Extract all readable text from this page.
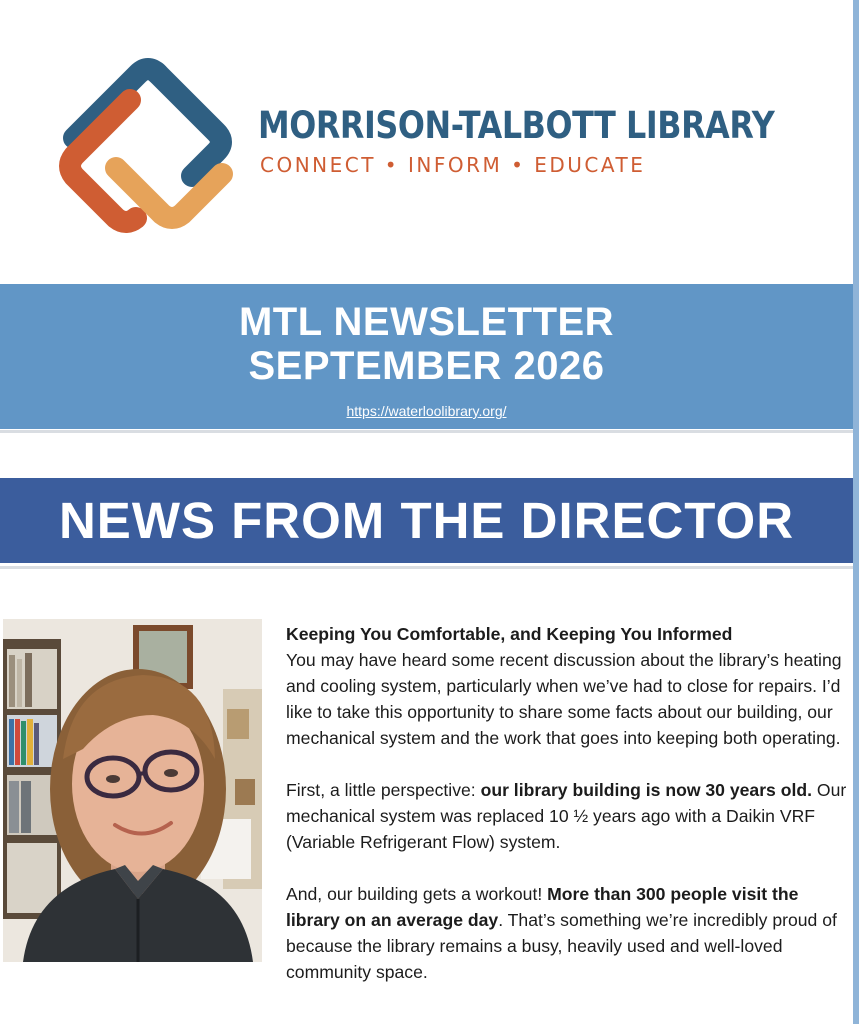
MORRISON-TALBOTT LIBRARY
CONNECT • INFORM • EDUCATE
MTL NEWSLETTER
SEPTEMBER 2026
https://waterloolibrary.org/
NEWS FROM THE DIRECTOR

Keeping You Comfortable, and Keeping You Informed

You may have heard some recent discussion about the library’s heating and cooling system, particularly when we’ve had to close for repairs. I’d like to take this opportunity to share some facts about our building, our mechanical system and the work that goes into keeping both operating.

First, a little perspective: our library building is now 30 years old. Our mechanical system was replaced 10 ½ years ago with a Daikin VRF (Variable Refrigerant Flow) system.

And, our building gets a workout! More than 300 people visit the library on an average day. That’s something we’re incredibly proud of because the library remains a busy, heavily used and well-loved community space.
